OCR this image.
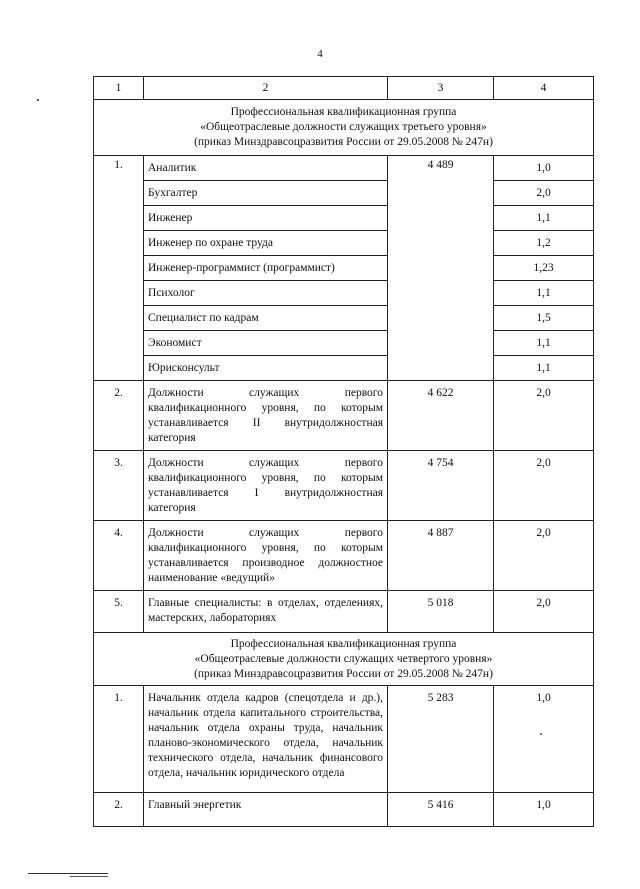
4
1	2	3	4

Профессиональная квалификационная группа
«Общеотраслевые должности служащих третьего уровня»
(приказ Минздравсоцразвития России от 29.05.2008 № 247н)			

1.	Аналитик	4 489	1,0
	Бухгалтер		2,0
	Инженер		1,1
	Инженер по охране труда		1,2
	Инженер-программист (программист)		1,23
	Психолог		1,1
	Специалист по кадрам		1,5
	Экономист		1,1
	Юрисконсульт		1,1
2.	Должности служащих первого квалификационного уровня, по которым устанавливается II внутридолжностная категория	4 622	2,0
3.	Должности служащих первого квалификационного уровня, по которым устанавливается I внутридолжностная категория	4 754	2,0
4.	Должности служащих первого квалификационного уровня, по которым устанавливается производное должностное наименование «ведущий»	4 887	2,0
5.	Главные специалисты: в отделах, отделениях, мастерских, лабораториях	5 018	2,0

Профессиональная квалификационная группа
«Общеотраслевые должности служащих четвертого уровня»
(приказ Минздравсоцразвития России от 29.05.2008 № 247н)			

1.	Начальник отдела кадров (спецотдела и др.), начальник отдела капитального строительства, начальник отдела охраны труда, начальник планово-экономического отдела, начальник технического отдела, начальник финансового отдела, начальник юридического отдела	5 283	1,0
2.	Главный энергетик	5 416	1,0
